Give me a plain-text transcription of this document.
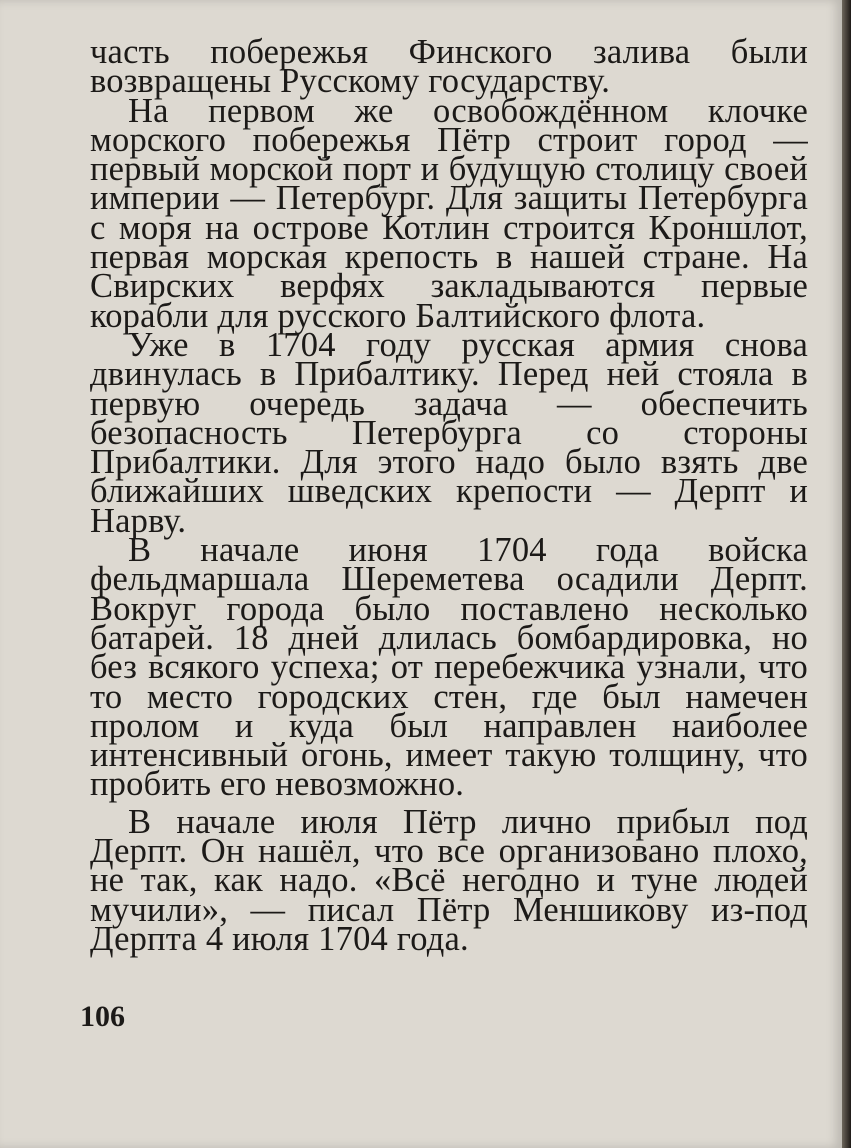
часть побережья Финского залива были возвращены Русскому государству.

На первом же освобождённом клочке морского побережья Пётр строит город — первый морской порт и будущую столицу своей империи — Петербург. Для защиты Петербурга с моря на острове Котлин строится Кроншлот, первая морская крепость в нашей стране. На Свирских верфях закладываются первые корабли для русского Балтийского флота.

Уже в 1704 году русская армия снова двинулась в Прибалтику. Перед ней стояла в первую очередь задача — обеспечить безопасность Петербурга со стороны Прибалтики. Для этого надо было взять две ближайших шведских крепости — Дерпт и Нарву.

В начале июня 1704 года войска фельдмаршала Шереметева осадили Дерпт. Вокруг города было поставлено несколько батарей. 18 дней длилась бомбардировка, но без всякого успеха; от перебежчика узнали, что то место городских стен, где был намечен пролом и куда был направлен наиболее интенсивный огонь, имеет такую толщину, что пробить его невозможно.

В начале июля Пётр лично прибыл под Дерпт. Он нашёл, что все организовано плохо, не так, как надо. «Всё негодно и туне людей мучили», — писал Пётр Меншикову из-под Дерпта 4 июля 1704 года.

106
